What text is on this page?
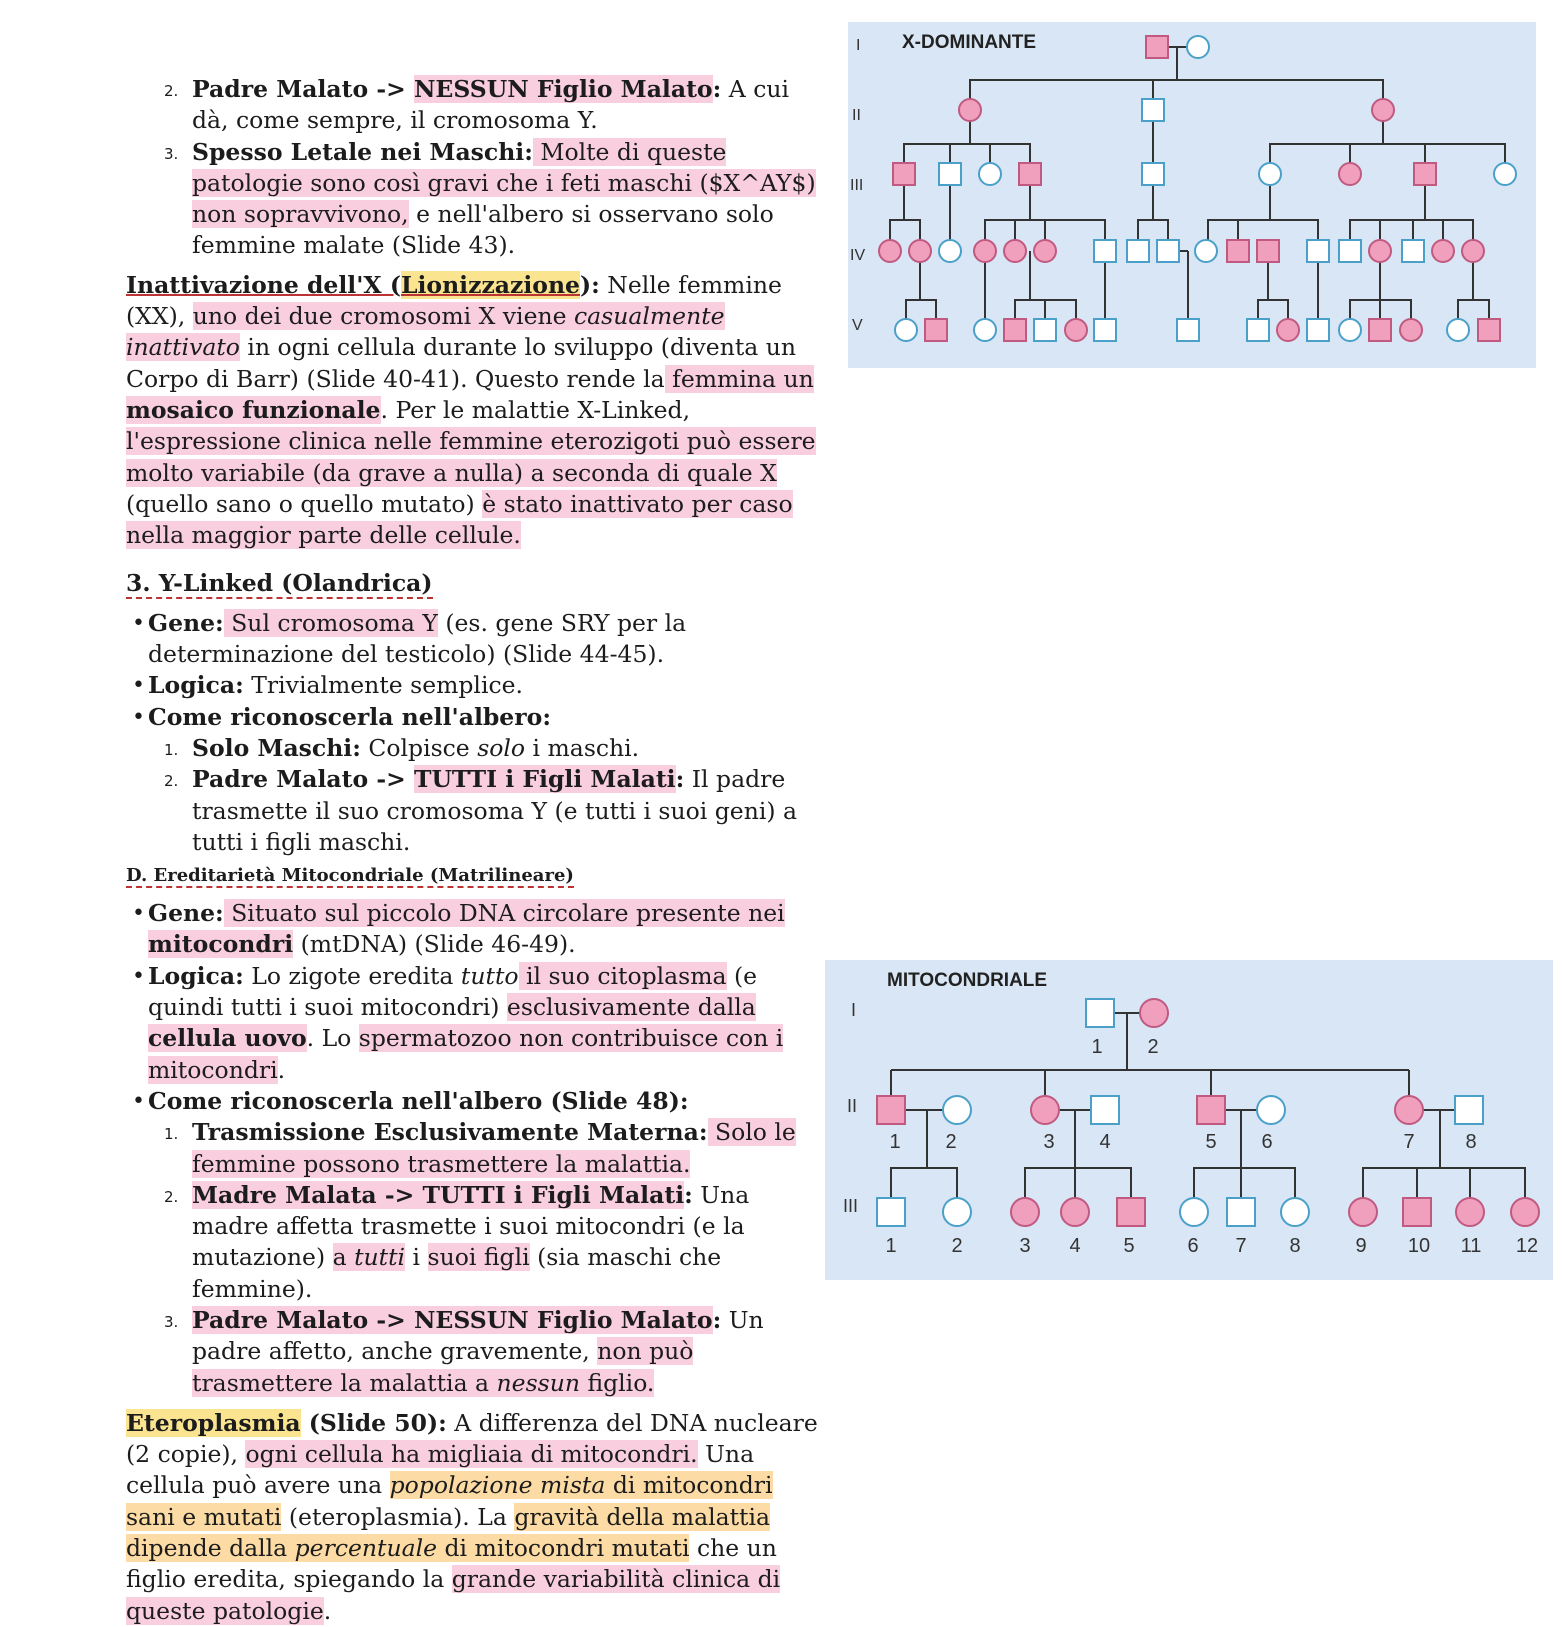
2. Padre Malato -> NESSUN Figlio Malato: A cui dà, come sempre, il cromosoma Y.
3. Spesso Letale nei Maschi: Molte di queste patologie sono così gravi che i feti maschi ($X^AY$) non sopravvivono, e nell'albero si osservano solo femmine malate (Slide 43).

Inattivazione dell'X (Lionizzazione): Nelle femmine (XX), uno dei due cromosomi X viene casualmente inattivato in ogni cellula durante lo sviluppo (diventa un Corpo di Barr) (Slide 40-41). Questo rende la femmina un mosaico funzionale. Per le malattie X-Linked, l'espressione clinica nelle femmine eterozigoti può essere molto variabile (da grave a nulla) a seconda di quale X (quello sano o quello mutato) è stato inattivato per caso nella maggior parte delle cellule.

3. Y-Linked (Olandrica)

• Gene: Sul cromosoma Y (es. gene SRY per la determinazione del testicolo) (Slide 44-45).
• Logica: Trivialmente semplice.
• Come riconoscerla nell'albero:
1. Solo Maschi: Colpisce solo i maschi.
2. Padre Malato -> TUTTI i Figli Malati: Il padre trasmette il suo cromosoma Y (e tutti i suoi geni) a tutti i figli maschi.

D. Ereditarietà Mitocondriale (Matrilineare)

• Gene: Situato sul piccolo DNA circolare presente nei mitocondri (mtDNA) (Slide 46-49).
• Logica: Lo zigote eredita tutto il suo citoplasma (e quindi tutti i suoi mitocondri) esclusivamente dalla cellula uovo. Lo spermatozoo non contribuisce con i mitocondri.
• Come riconoscerla nell'albero (Slide 48):
1. Trasmissione Esclusivamente Materna: Solo le femmine possono trasmettere la malattia.
2. Madre Malata -> TUTTI i Figli Malati: Una madre affetta trasmette i suoi mitocondri (e la mutazione) a tutti i suoi figli (sia maschi che femmine).
3. Padre Malato -> NESSUN Figlio Malato: Un padre affetto, anche gravemente, non può trasmettere la malattia a nessun figlio.

Eteroplasmia (Slide 50): A differenza del DNA nucleare (2 copie), ogni cellula ha migliaia di mitocondri. Una cellula può avere una popolazione mista di mitocondri sani e mutati (eteroplasmia). La gravità della malattia dipende dalla percentuale di mitocondri mutati che un figlio eredita, spiegando la grande variabilità clinica di queste patologie.

X-DOMINANTE
I
II
III
IV
V
MITOCONDRIALE
I
II
III
1 2
1 2	3 4	5 6	7	8
1	2	3 4 5	6 7 8	9 10 11 12
